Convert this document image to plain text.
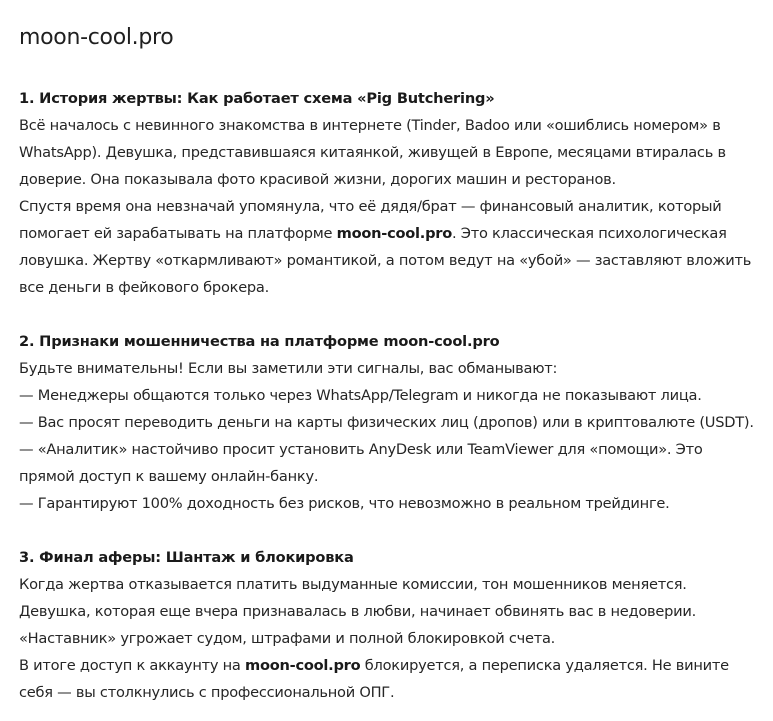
moon-cool.pro
1. История жертвы: Как работает схема «Pig Butchering»

Всё началось с невинного знакомства в интернете (Tinder, Badoo или «ошиблись номером» в WhatsApp). Девушка, представившаяся китаянкой, живущей в Европе, месяцами втиралась в доверие. Она показывала фото красивой жизни, дорогих машин и ресторанов.

Спустя время она невзначай упомянула, что её дядя/брат — финансовый аналитик, который помогает ей зарабатывать на платформе moon-cool.pro. Это классическая психологическая ловушка. Жертву «откармливают» романтикой, а потом ведут на «убой» — заставляют вложить все деньги в фейкового брокера.

2. Признаки мошенничества на платформе moon-cool.pro

Будьте внимательны! Если вы заметили эти сигналы, вас обманывают:

— Менеджеры общаются только через WhatsApp/Telegram и никогда не показывают лица.

— Вас просят переводить деньги на карты физических лиц (дропов) или в криптовалюте (USDT).

— «Аналитик» настойчиво просит установить AnyDesk или TeamViewer для «помощи». Это прямой доступ к вашему онлайн-банку.

— Гарантируют 100% доходность без рисков, что невозможно в реальном трейдинге.

3. Финал аферы: Шантаж и блокировка

Когда жертва отказывается платить выдуманные комиссии, тон мошенников меняется. Девушка, которая еще вчера признавалась в любви, начинает обвинять вас в недоверии. «Наставник» угрожает судом, штрафами и полной блокировкой счета.

В итоге доступ к аккаунту на moon-cool.pro блокируется, а переписка удаляется. Не вините себя — вы столкнулись с профессиональной ОПГ.
